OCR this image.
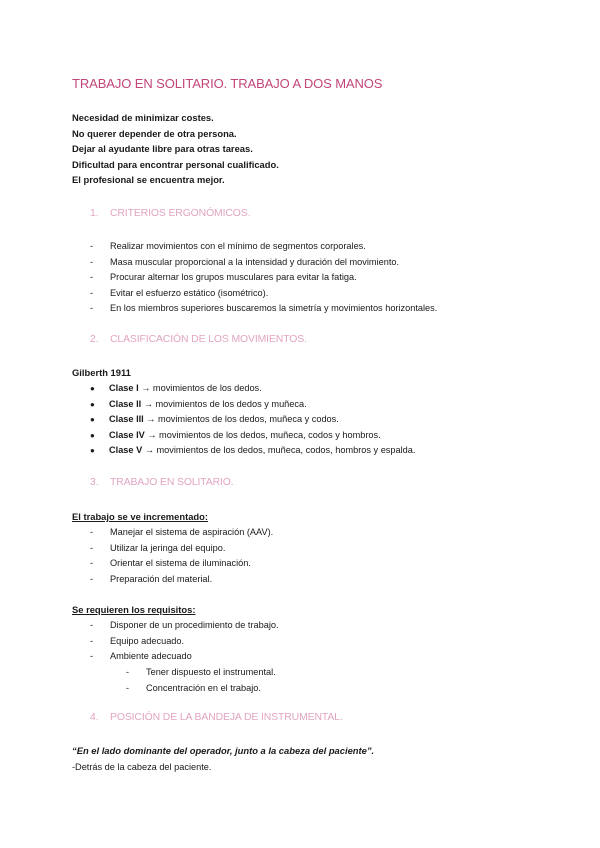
TRABAJO EN SOLITARIO. TRABAJO A DOS MANOS
Necesidad de minimizar costes.
No querer depender de otra persona.
Dejar al ayudante libre para otras tareas.
Dificultad para encontrar personal cualificado.
El profesional se encuentra mejor.
1. CRITERIOS ERGONÓMICOS.
- Realizar movimientos con el mínimo de segmentos corporales.
- Masa muscular proporcional a la intensidad y duración del movimiento.
- Procurar alternar los grupos musculares para evitar la fatiga.
- Evitar el esfuerzo estático (isométrico).
- En los miembros superiores buscaremos la simetría y movimientos horizontales.
2. CLASIFICACIÓN DE LOS MOVIMIENTOS.
Gilberth 1911
● Clase I → movimientos de los dedos.
● Clase II → movimientos de los dedos y muñeca.
● Clase III → movimientos de los dedos, muñeca y codos.
● Clase IV → movimientos de los dedos, muñeca, codos y hombros.
● Clase V → movimientos de los dedos, muñeca, codos, hombros y espalda.
3. TRABAJO EN SOLITARIO.
El trabajo se ve incrementado:
- Manejar el sistema de aspiración (AAV).
- Utilizar la jeringa del equipo.
- Orientar el sistema de iluminación.
- Preparación del material.
Se requieren los requisitos:
- Disponer de un procedimiento de trabajo.
- Equipo adecuado.
- Ambiente adecuado
- Tener dispuesto el instrumental.
- Concentración en el trabajo.
4. POSICIÓN DE LA BANDEJA DE INSTRUMENTAL.
“En el lado dominante del operador, junto a la cabeza del paciente”.
-Detrás de la cabeza del paciente.
